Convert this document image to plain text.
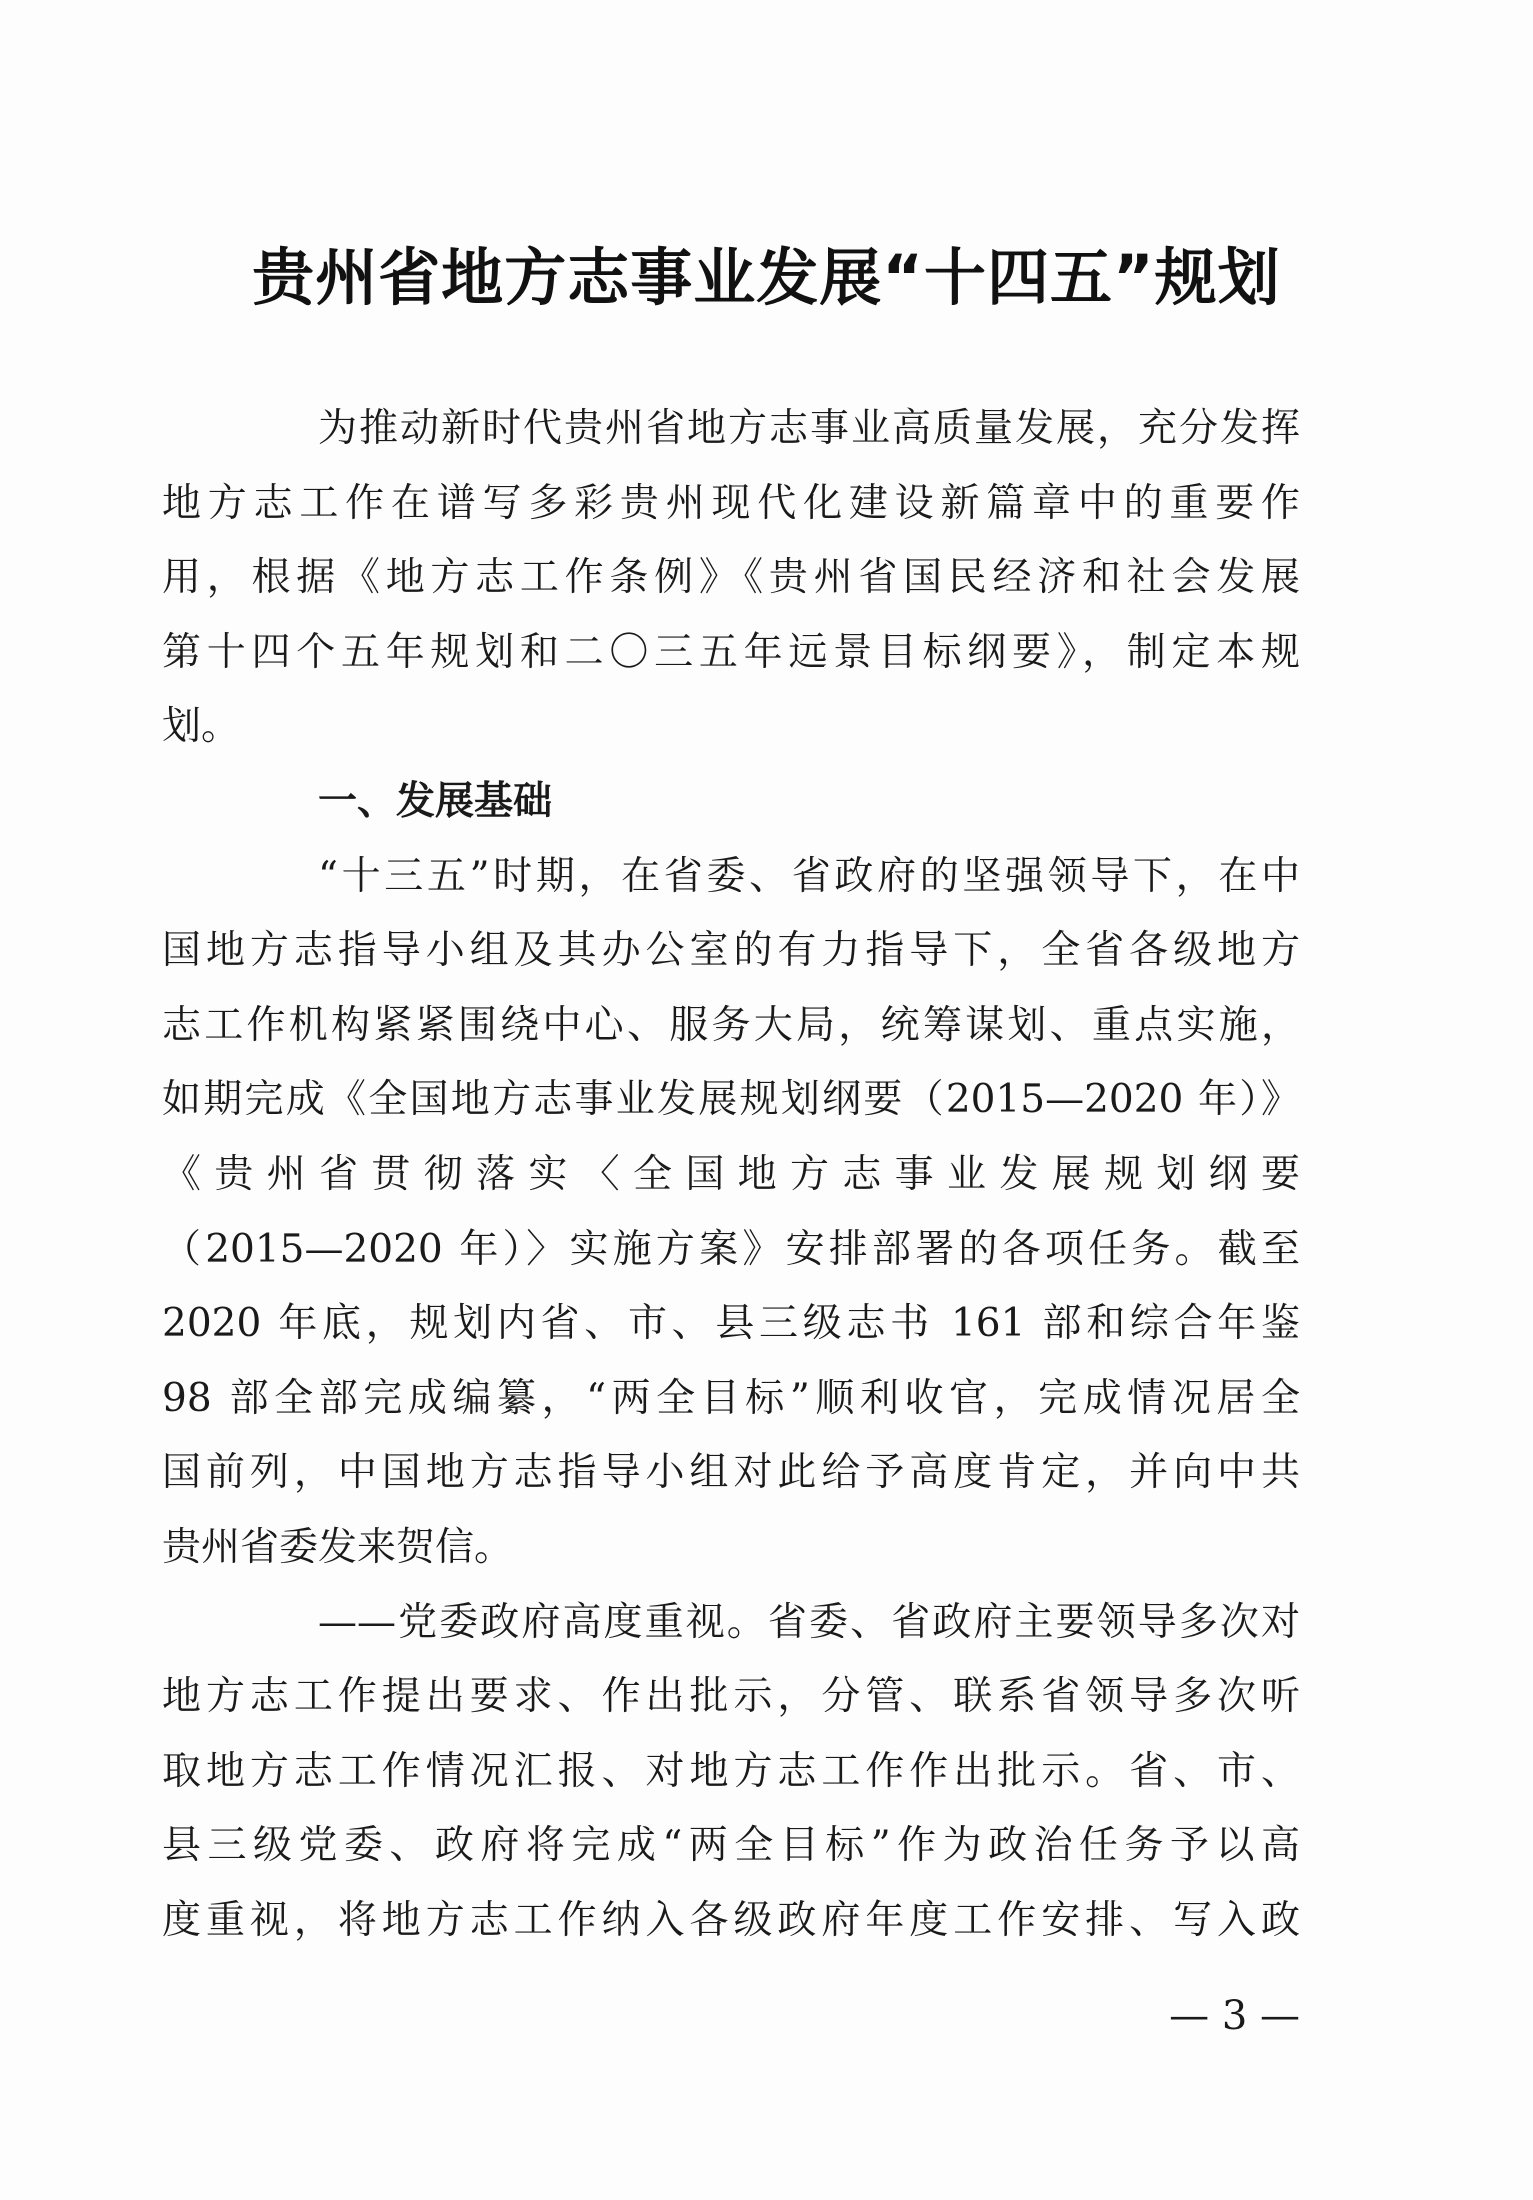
贵州省地方志事业发展“十四五”规划

为推动新时代贵州省地方志事业高质量发展，充分发挥
地方志工作在谱写多彩贵州现代化建设新篇章中的重要作
用，根据《地方志工作条例》《贵州省国民经济和社会发展
第十四个五年规划和二〇三五年远景目标纲要》，制定本规
划。

一、发展基础

“十三五”时期，在省委、省政府的坚强领导下，在中
国地方志指导小组及其办公室的有力指导下，全省各级地方
志工作机构紧紧围绕中心、服务大局，统筹谋划、重点实施，
如期完成《全国地方志事业发展规划纲要（2015—2020 年）》
《贵州省贯彻落实〈全国地方志事业发展规划纲要
（2015—2020 年）〉实施方案》安排部署的各项任务。截至
2020 年底，规划内省、市、县三级志书 161 部和综合年鉴
98 部全部完成编纂，“两全目标”顺利收官，完成情况居全
国前列，中国地方志指导小组对此给予高度肯定，并向中共
贵州省委发来贺信。

——党委政府高度重视。省委、省政府主要领导多次对
地方志工作提出要求、作出批示，分管、联系省领导多次听
取地方志工作情况汇报、对地方志工作作出批示。省、市、
县三级党委、政府将完成“两全目标”作为政治任务予以高
度重视，将地方志工作纳入各级政府年度工作安排、写入政

— 3 —
